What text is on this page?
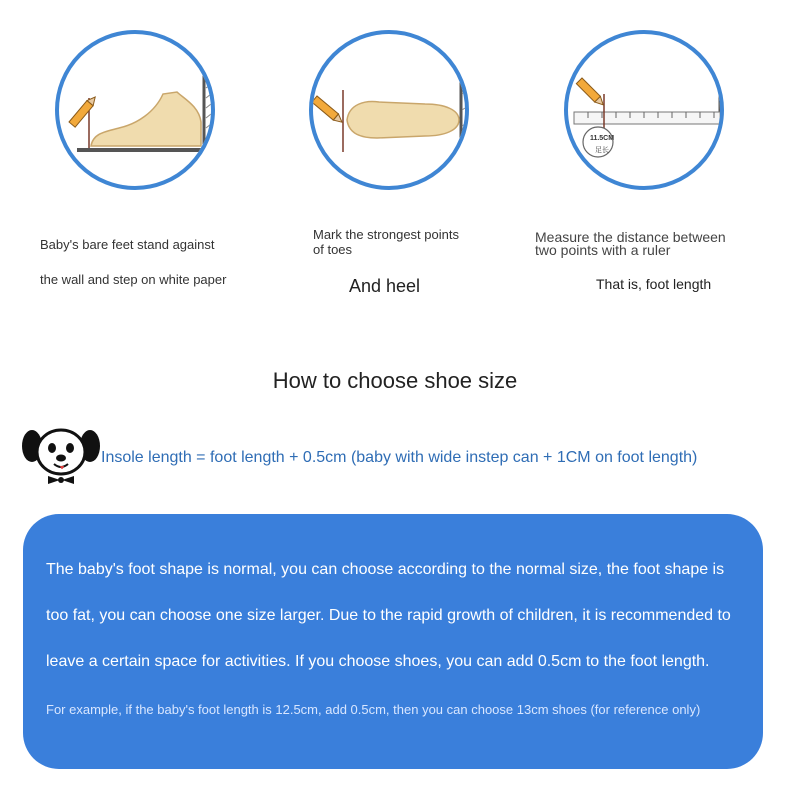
11.5CM
足长
Baby's bare feet stand against
the wall and step on white paper
Mark the strongest points
of toes
And heel
Measure the distance between
two points with a ruler
That is, foot length
How to choose shoe size
Insole length = foot length + 0.5cm (baby with wide instep can + 1CM on foot length)

The baby's foot shape is normal, you can choose according to the normal size, the foot shape is

too fat, you can choose one size larger. Due to the rapid growth of children, it is recommended to

leave a certain space for activities. If you choose shoes, you can add 0.5cm to the foot length.

For example, if the baby's foot length is 12.5cm, add 0.5cm, then you can choose 13cm shoes (for reference only)
